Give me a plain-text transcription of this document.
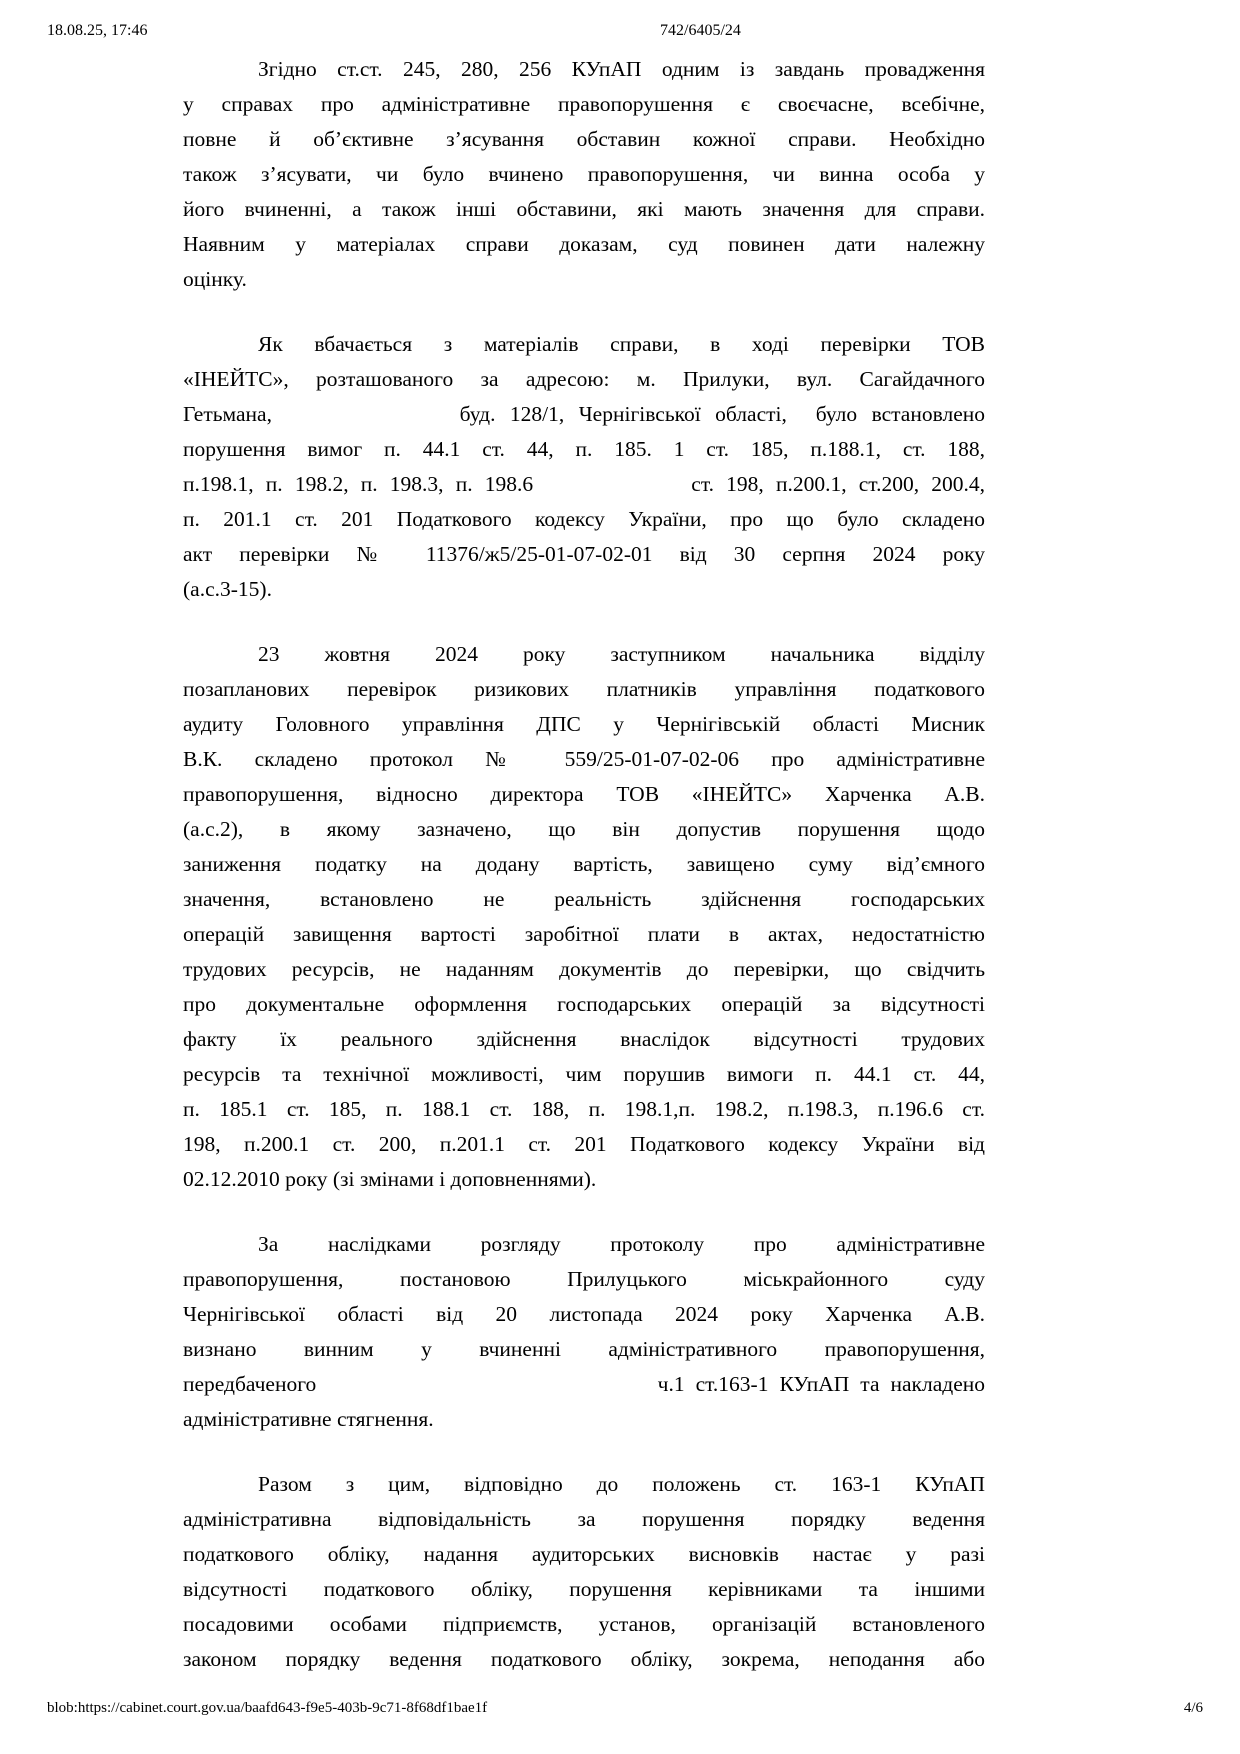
18.08.25, 17:46	742/6405/24
Згідно ст.ст. 245, 280, 256 КУпАП одним із завдань провадження
у справах про адміністративне правопорушення є своєчасне, всебічне,
повне й об’єктивне з’ясування обставин кожної справи. Необхідно
також з’ясувати, чи було вчинено правопорушення, чи винна особа у
його вчиненні, а також інші обставини, які мають значення для справи.
Наявним у матеріалах справи доказам, суд повинен дати належну
оцінку.
Як вбачається з матеріалів справи, в ході перевірки ТОВ
«ІНЕЙТС», розташованого за адресою: м. Прилуки, вул. Сагайдачного
Гетьмана,             буд. 128/1, Чернігівської області,  було встановлено
порушення вимог п. 44.1 ст. 44, п. 185. 1 ст. 185, п.188.1, ст. 188,
п.198.1, п. 198.2, п. 198.3, п. 198.6             ст. 198, п.200.1, ст.200, 200.4,
п. 201.1 ст. 201 Податкового кодексу України, про що було складено
акт перевірки № 11376/ж5/25-01-07-02-01 від 30 серпня 2024 року
(а.с.3-15).
23 жовтня 2024 року заступником начальника відділу
позапланових перевірок ризикових платників управління податкового
аудиту Головного управління ДПС у Чернігівській області Мисник
В.К. складено протокол № 559/25-01-07-02-06 про адміністративне
правопорушення, відносно директора ТОВ «ІНЕЙТС» Харченка А.В.
(а.с.2), в якому зазначено, що він допустив порушення щодо
заниження податку на додану вартість, завищено суму від’ємного
значення, встановлено не реальність здійснення господарських
операцій завищення вартості заробітної плати в актах, недостатністю
трудових ресурсів, не наданням документів до перевірки, що свідчить
про документальне оформлення господарських операцій за відсутності
факту їх реального здійснення внаслідок відсутності трудових
ресурсів та технічної можливості, чим порушив вимоги п. 44.1 ст. 44,
п. 185.1 ст. 185, п. 188.1 ст. 188, п. 198.1,п. 198.2, п.198.3, п.196.6 ст.
198, п.200.1 ст. 200, п.201.1 ст. 201 Податкового кодексу України від
02.12.2010 року (зі змінами і доповненнями).
За наслідками розгляду протоколу про адміністративне
правопорушення, постановою Прилуцького міськрайонного суду
Чернігівської області від 20 листопада 2024 року Харченка А.В.
визнано винним у вчиненні адміністративного правопорушення,
передбаченого                               ч.1 ст.163-1 КУпАП та накладено
адміністративне стягнення.
Разом з цим, відповідно до положень ст. 163-1 КУпАП
адміністративна відповідальність за порушення порядку ведення
податкового обліку, надання аудиторських висновків настає у разі
відсутності податкового обліку, порушення керівниками та іншими
посадовими особами підприємств, установ, організацій встановленого
законом порядку ведення податкового обліку, зокрема, неподання або
blob:https://cabinet.court.gov.ua/baafd643-f9e5-403b-9c71-8f68df1bae1f	4/6
